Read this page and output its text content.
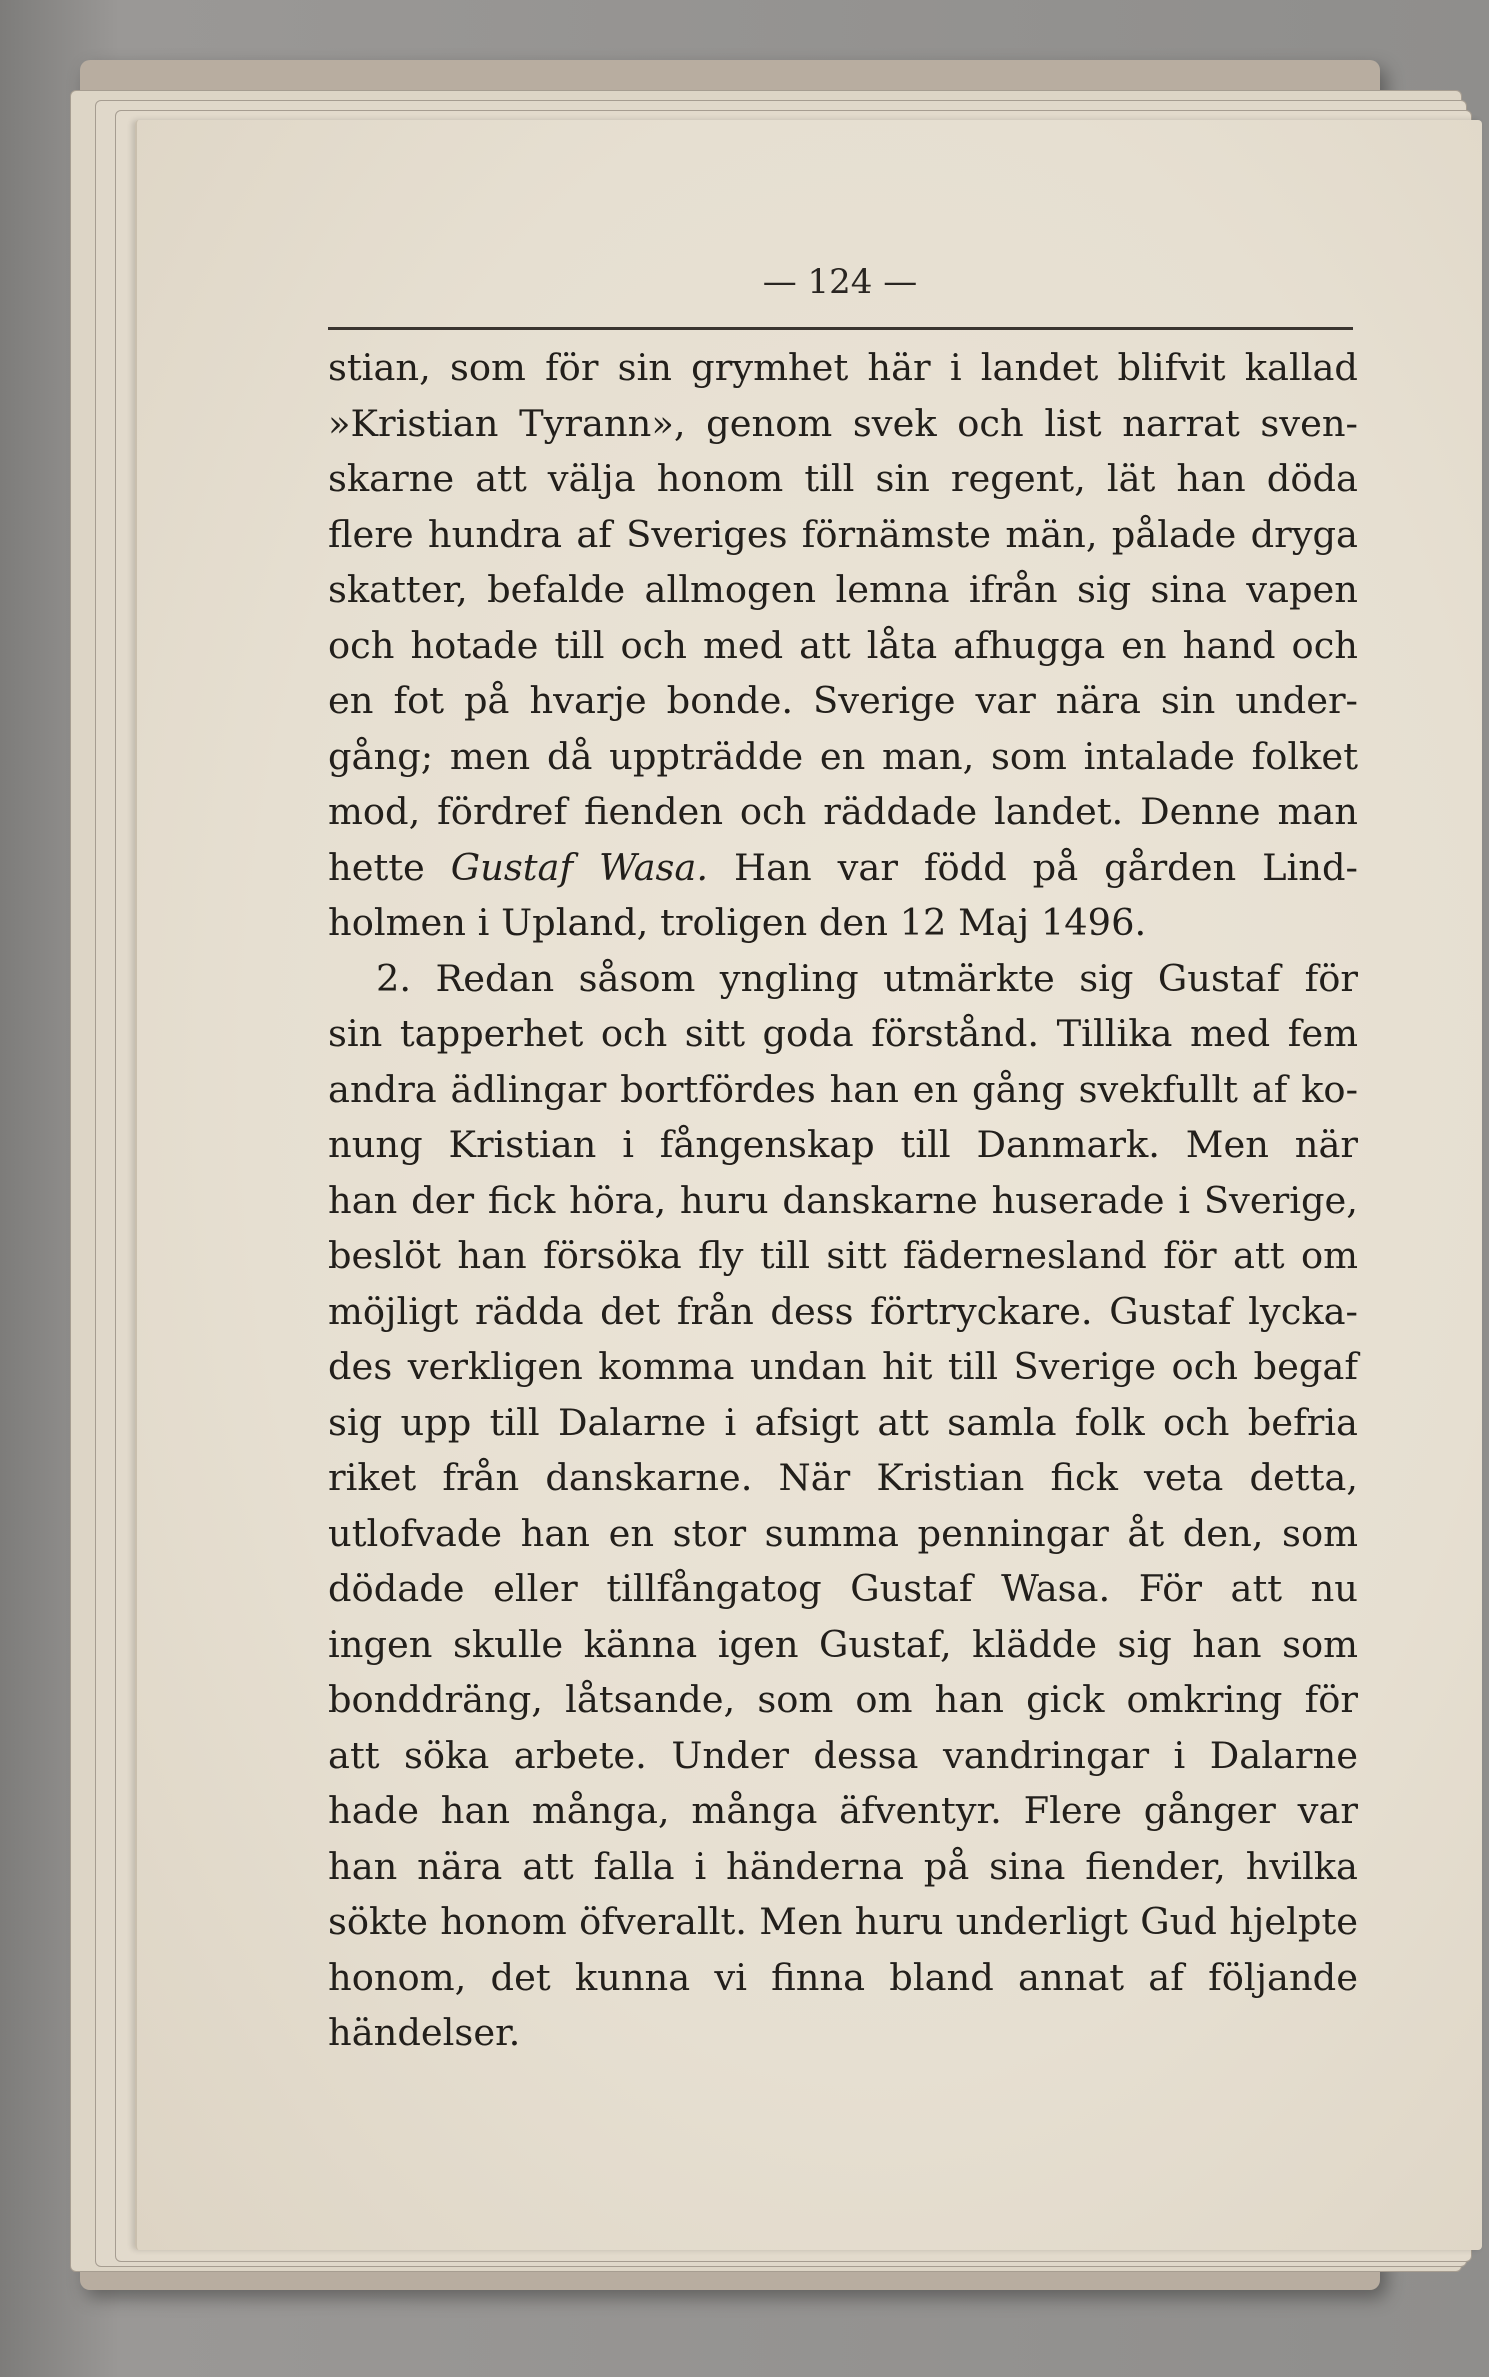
— 124 —
stian, som för sin grymhet här i landet blifvit kallad
»Kristian Tyrann», genom svek och list narrat sven-
skarne att välja honom till sin regent, lät han döda
flere hundra af Sveriges förnämste män, pålade dryga
skatter, befalde allmogen lemna ifrån sig sina vapen
och hotade till och med att låta afhugga en hand och
en fot på hvarje bonde. Sverige var nära sin under-
gång; men då uppträdde en man, som intalade folket
mod, fördref fienden och räddade landet. Denne man
hette Gustaf Wasa. Han var född på gården Lind-
holmen i Upland, troligen den 12 Maj 1496.
2. Redan såsom yngling utmärkte sig Gustaf för
sin tapperhet och sitt goda förstånd. Tillika med fem
andra ädlingar bortfördes han en gång svekfullt af ko-
nung Kristian i fångenskap till Danmark. Men när
han der fick höra, huru danskarne huserade i Sverige,
beslöt han försöka fly till sitt fädernesland för att om
möjligt rädda det från dess förtryckare. Gustaf lycka-
des verkligen komma undan hit till Sverige och begaf
sig upp till Dalarne i afsigt att samla folk och befria
riket från danskarne. När Kristian fick veta detta,
utlofvade han en stor summa penningar åt den, som
dödade eller tillfångatog Gustaf Wasa. För att nu
ingen skulle känna igen Gustaf, klädde sig han som
bonddräng, låtsande, som om han gick omkring för
att söka arbete. Under dessa vandringar i Dalarne
hade han många, många äfventyr. Flere gånger var
han nära att falla i händerna på sina fiender, hvilka
sökte honom öfverallt. Men huru underligt Gud hjelpte
honom, det kunna vi finna bland annat af följande
händelser.
